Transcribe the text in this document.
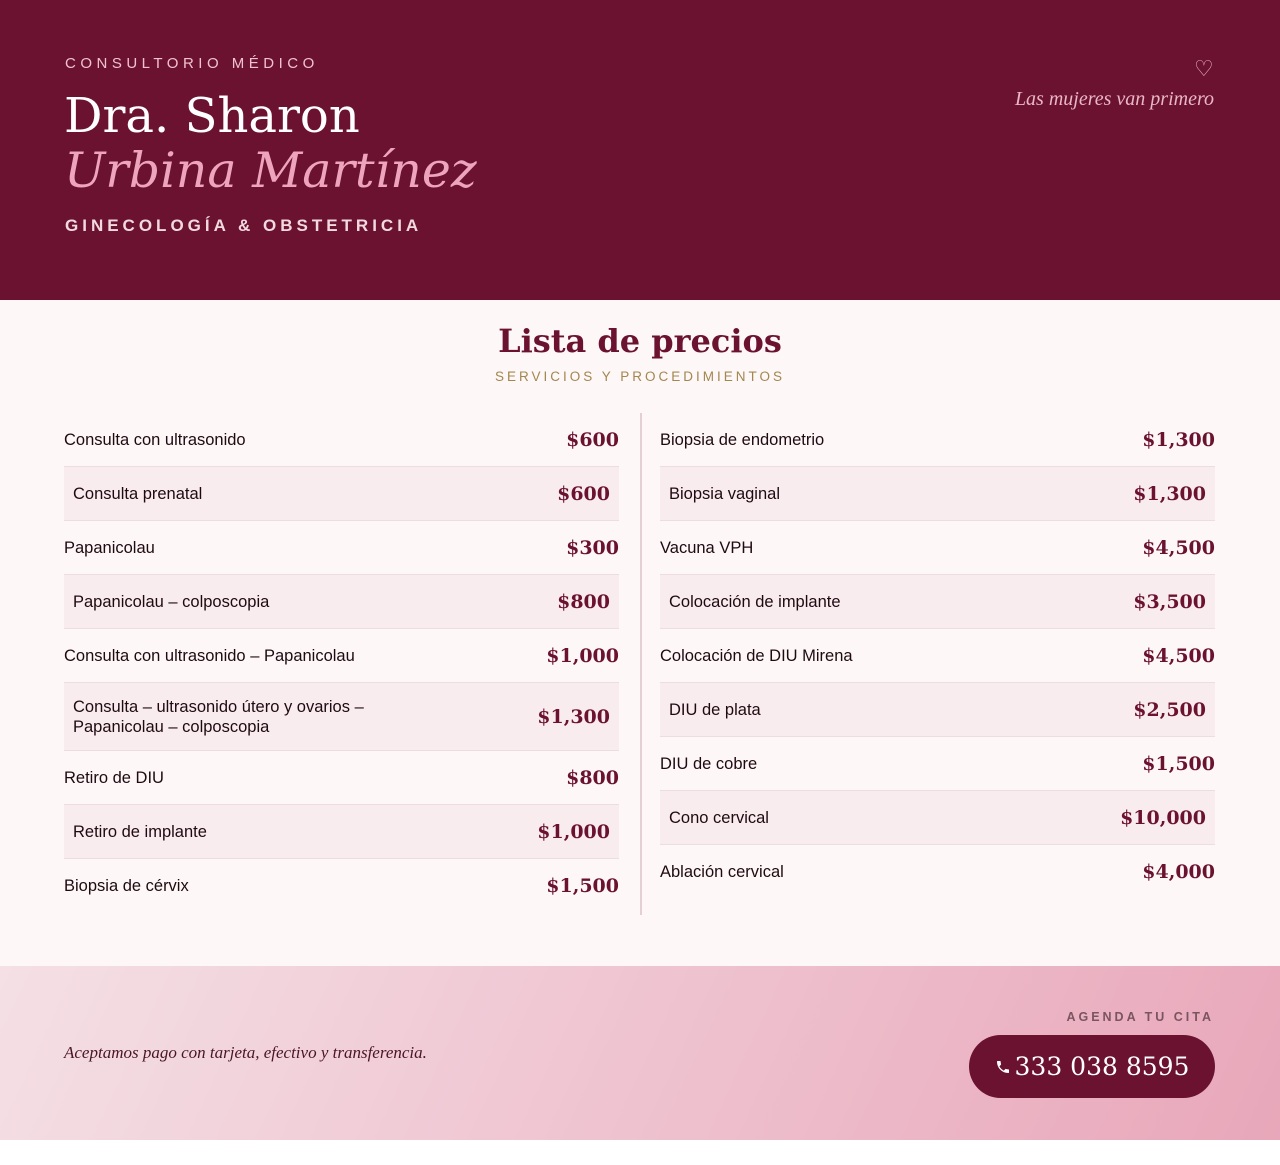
CONSULTORIO MÉDICO
Dra. Sharon
Urbina Martínez
GINECOLOGÍA & OBSTETRICIA
♡
Las mujeres van primero
Lista de precios
SERVICIOS Y PROCEDIMIENTOS
Consulta con ultrasonido	$600
Consulta prenatal	$600
Papanicolau	$300
Papanicolau – colposcopia	$800
Consulta con ultrasonido – Papanicolau	$1,000
Consulta – ultrasonido útero y ovarios – Papanicolau – colposcopia	$1,300
Retiro de DIU	$800
Retiro de implante	$1,000
Biopsia de cérvix	$1,500
Biopsia de endometrio	$1,300
Biopsia vaginal	$1,300
Vacuna VPH	$4,500
Colocación de implante	$3,500
Colocación de DIU Mirena	$4,500
DIU de plata	$2,500
DIU de cobre	$1,500
Cono cervical	$10,000
Ablación cervical	$4,000
Aceptamos pago con tarjeta, efectivo y transferencia.
AGENDA TU CITA
333 038 8595
